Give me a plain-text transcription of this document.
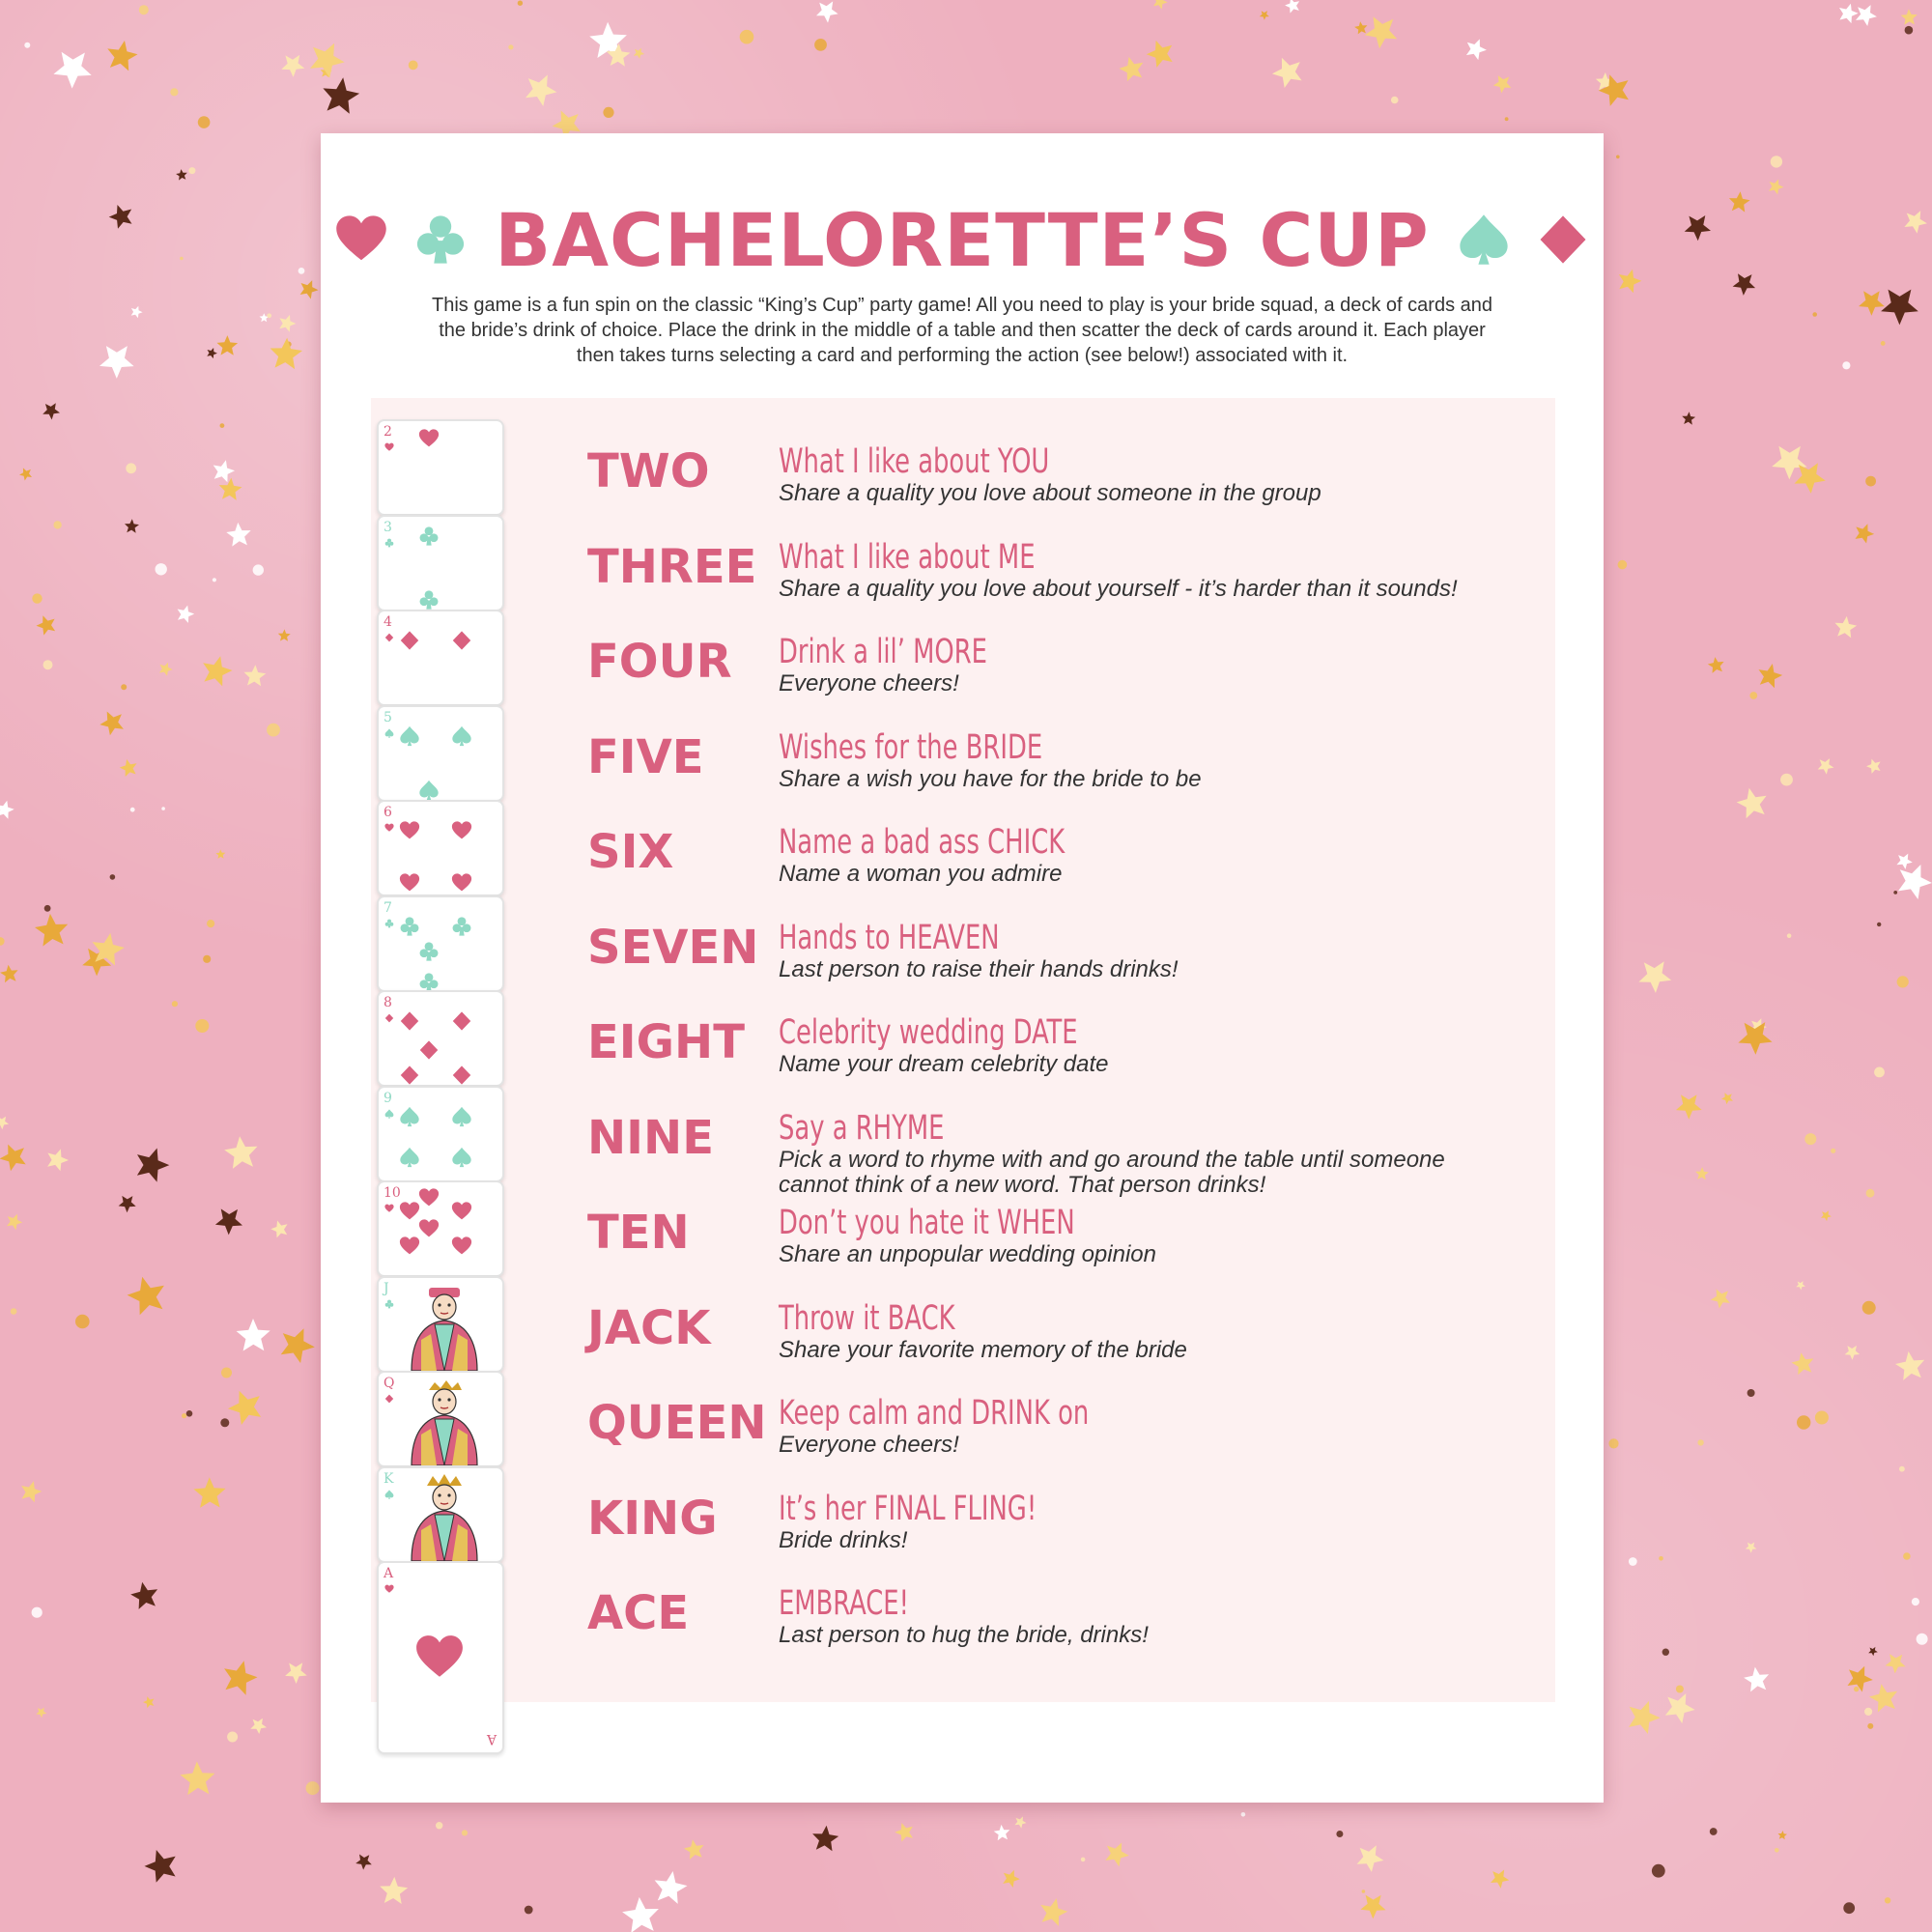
BACHELORETTE’S CUP
This game is a fun spin on the classic “King’s Cup” party game! All you need to play is your bride squad, a deck of cards and the bride’s drink of choice. Place the drink in the middle of a table and then scatter the deck of cards around it. Each player then takes turns selecting a card and performing the action (see below!) associated with it.
2
3
4
5
6
7
8
9
10
J
Q
K
A
A
TWO What I like about YOU
Share a quality you love about someone in the group
THREE What I like about ME
Share a quality you love about yourself - it’s harder than it sounds!
FOUR Drink a lil’ MORE
Everyone cheers!
FIVE Wishes for the BRIDE
Share a wish you have for the bride to be
SIX	Name a bad ass CHICK
Name a woman you admire
SEVEN Hands to HEAVEN
Last person to raise their hands drinks!
EIGHT Celebrity wedding DATE
Name your dream celebrity date
NINE Say a RHYME
Pick a word to rhyme with and go around the table until someone cannot think of a new word. That person drinks!
TEN	Don’t you hate it WHEN
Share an unpopular wedding opinion
JACK Throw it BACK
Share your favorite memory of the bride
QUEEN Keep calm and DRINK on
Everyone cheers!
KING It’s her FINAL FLING!
Bride drinks!
ACE	EMBRACE!
Last person to hug the bride, drinks!
